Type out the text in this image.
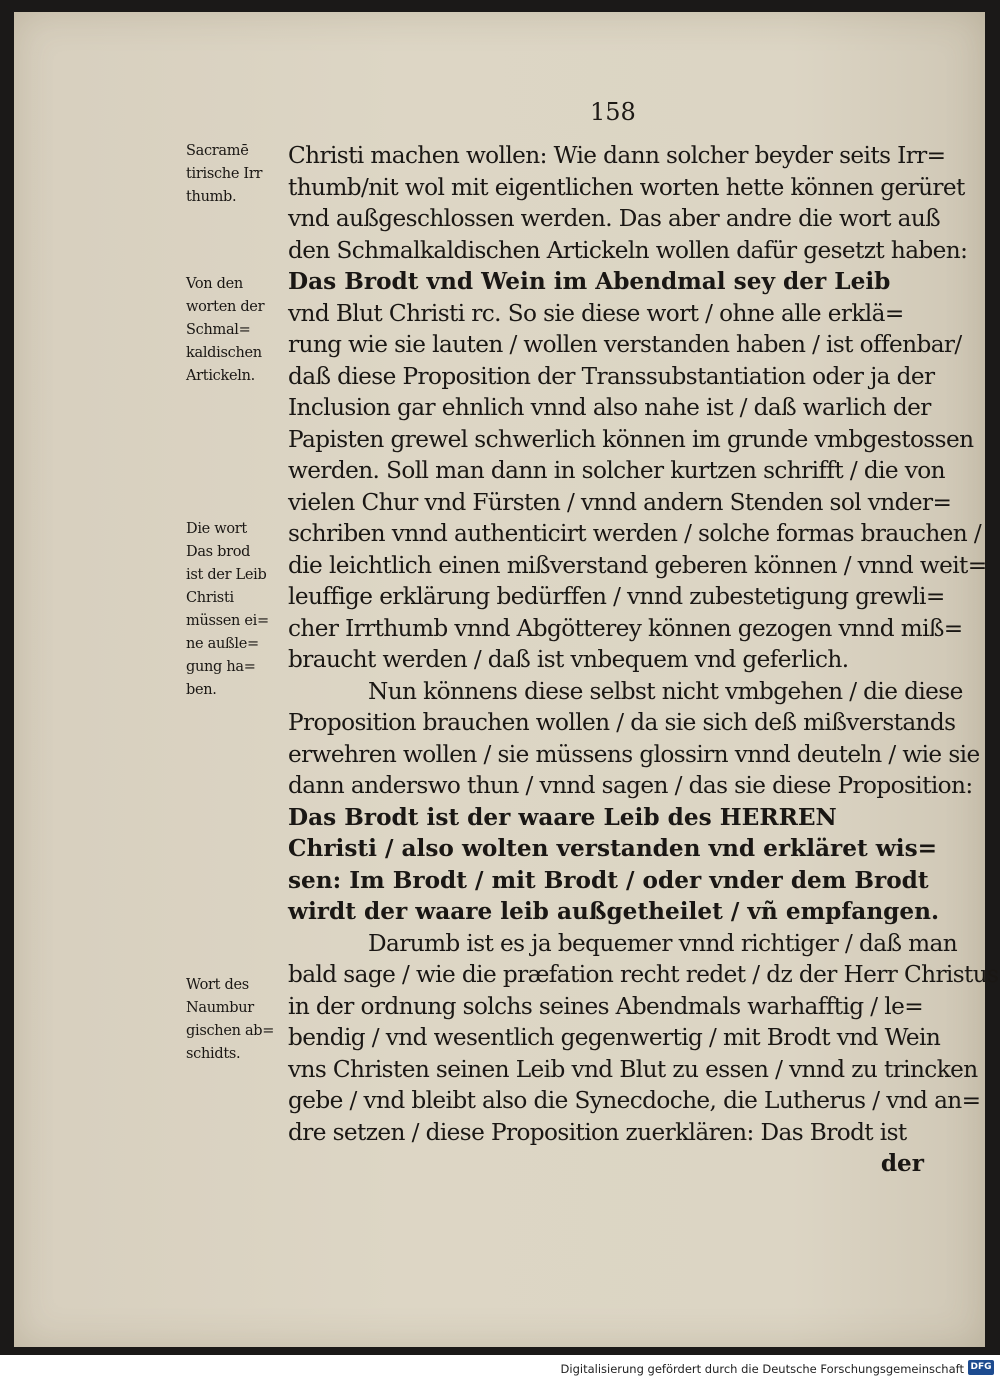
158
Sacramē
tirische Irr
thumb.
Von den
worten der
Schmal=
kaldischen
Artickeln.
Die wort
Das brod
ist der Leib
Christi
müssen ei=
ne außle=
gung ha=
ben.
Wort des
Naumbur
gischen ab=
schidts.
Christi machen wollen: Wie dann solcher beyder seits Irr=
thumb/nit wol mit eigentlichen worten hette können gerüret
vnd außgeschlossen werden. Das aber andre die wort auß
den Schmalkaldischen Artickeln wollen dafür gesetzt haben:
Das Brodt vnd Wein im Abendmal sey der Leib
vnd Blut Christi rc. So sie diese wort / ohne alle erklä=
rung wie sie lauten / wollen verstanden haben / ist offenbar/
daß diese Proposition der Transsubstantiation oder ja der
Inclusion gar ehnlich vnnd also nahe ist / daß warlich der
Papisten grewel schwerlich können im grunde vmbgestossen
werden. Soll man dann in solcher kurtzen schrifft / die von
vielen Chur vnd Fürsten / vnnd andern Stenden sol vnder=
schriben vnnd authenticirt werden / solche formas brauchen /
die leichtlich einen mißverstand geberen können / vnnd weit=
leuffige erklärung bedürffen / vnnd zubestetigung grewli=
cher Irrthumb vnnd Abgötterey können gezogen vnnd miß=
braucht werden / daß ist vnbequem vnd geferlich.
Nun könnens diese selbst nicht vmbgehen / die diese
Proposition brauchen wollen / da sie sich deß mißverstands
erwehren wollen / sie müssens glossirn vnnd deuteln / wie sie
dann anderswo thun / vnnd sagen / das sie diese Proposition:
Das Brodt ist der waare Leib des HERREN
Christi / also wolten verstanden vnd erkläret wis=
sen: Im Brodt / mit Brodt / oder vnder dem Brodt
wirdt der waare leib außgetheilet / vñ empfangen.
Darumb ist es ja bequemer vnnd richtiger / daß man
bald sage / wie die præfation recht redet / dz der Herr Christus
in der ordnung solchs seines Abendmals warhafftig / le=
bendig / vnd wesentlich gegenwertig / mit Brodt vnd Wein
vns Christen seinen Leib vnd Blut zu essen / vnnd zu trincken
gebe / vnd bleibt also die Synecdoche, die Lutherus / vnd an=
dre setzen / diese Proposition zuerklären: Das Brodt ist
der
Digitalisierung gefördert durch die Deutsche Forschungsgemeinschaft DFG
